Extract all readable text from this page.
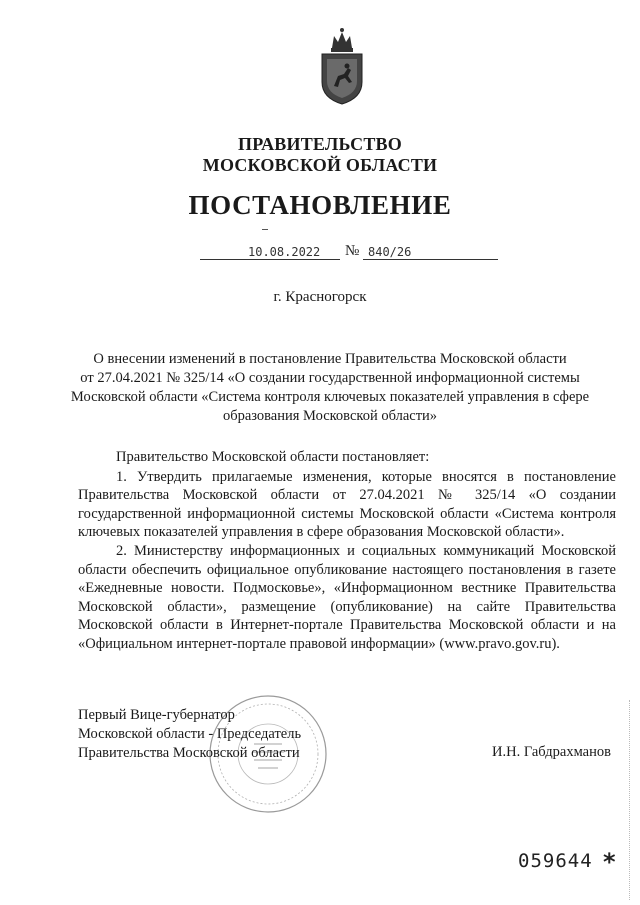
ПРАВИТЕЛЬСТВО
МОСКОВСКОЙ ОБЛАСТИ
ПОСТАНОВЛЕНИЕ
10.08.2022 № 840/26
г. Красногорск
О внесении изменений в постановление Правительства Московской области
от 27.04.2021 № 325/14 «О создании государственной информационной системы
Московской области «Система контроля ключевых показателей управления в сфере
образования Московской области»

Правительство Московской области постановляет:

1. Утвердить прилагаемые изменения, которые вносятся в постановление Правительства Московской области от 27.04.2021 № 325/14 «О создании государственной информационной системы Московской области «Система контроля ключевых показателей управления в сфере образования Московской области».

2. Министерству информационных и социальных коммуникаций Московской области обеспечить официальное опубликование настоящего постановления в газете «Ежедневные новости. Подмосковье», «Информационном вестнике Правительства Московской области», размещение (опубликование) на сайте Правительства Московской области в Интернет-портале Правительства Московской области и на «Официальном интернет-портале правовой информации» (www.pravo.gov.ru).

Первый Вице-губернатор
Московской области - Председатель
Правительства Московской области	И.Н. Габдрахманов
059644 *
